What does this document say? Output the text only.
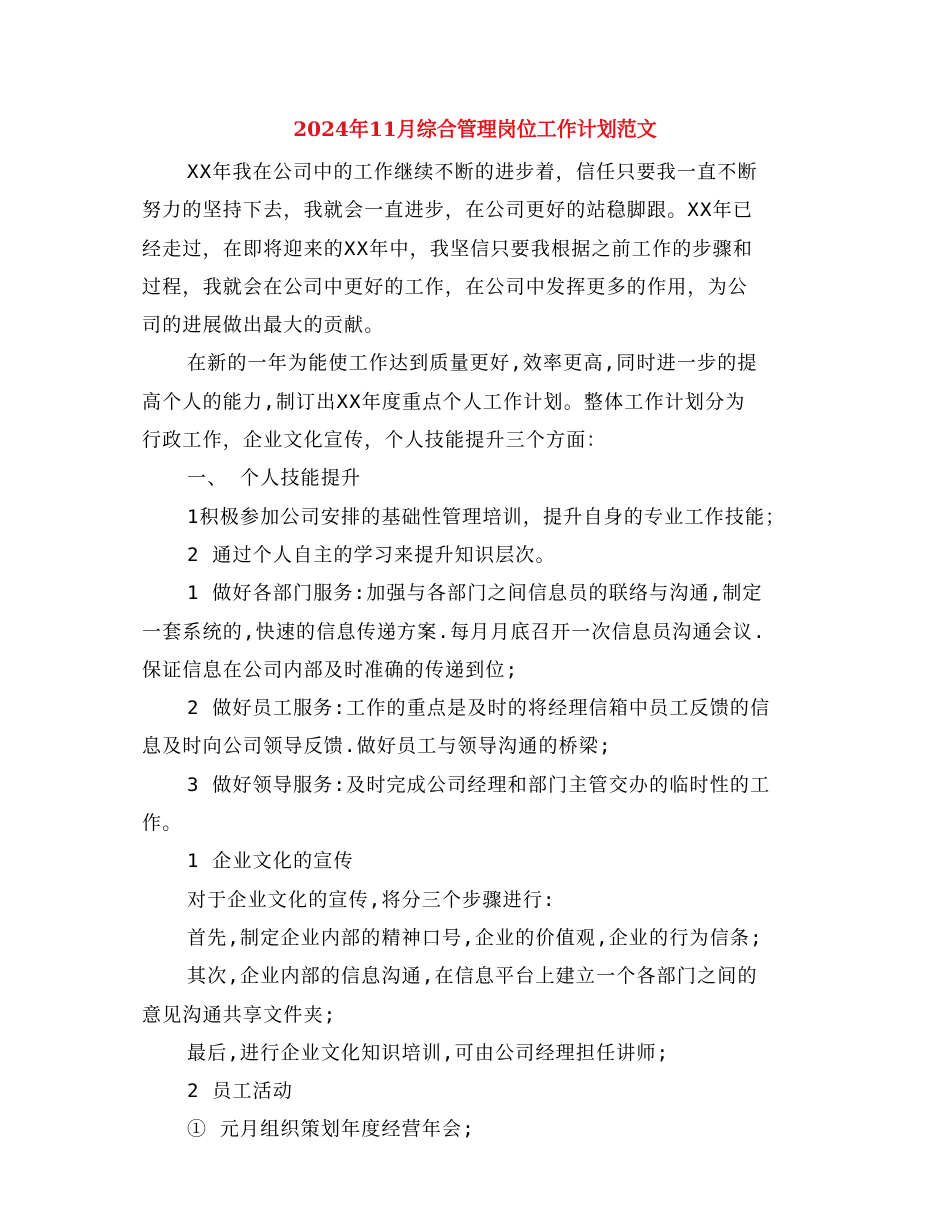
2024年11月综合管理岗位工作计划范文
XX年我在公司中的工作继续不断的进步着，信任只要我一直不断
努力的坚持下去，我就会一直进步，在公司更好的站稳脚跟。XX年已
经走过，在即将迎来的XX年中，我坚信只要我根据之前工作的步骤和
过程，我就会在公司中更好的工作，在公司中发挥更多的作用，为公
司的进展做出最大的贡献。
在新的一年为能使工作达到质量更好,效率更高,同时进一步的提
高个人的能力,制订出XX年度重点个人工作计划。整体工作计划分为
行政工作，企业文化宣传，个人技能提升三个方面：
一、 个人技能提升
1积极参加公司安排的基础性管理培训，提升自身的专业工作技能；
2 通过个人自主的学习来提升知识层次。
1 做好各部门服务:加强与各部门之间信息员的联络与沟通,制定
一套系统的,快速的信息传递方案.每月月底召开一次信息员沟通会议.
保证信息在公司内部及时准确的传递到位;
2 做好员工服务:工作的重点是及时的将经理信箱中员工反馈的信
息及时向公司领导反馈.做好员工与领导沟通的桥梁;
3 做好领导服务:及时完成公司经理和部门主管交办的临时性的工
作。
1 企业文化的宣传
对于企业文化的宣传,将分三个步骤进行:
首先,制定企业内部的精神口号,企业的价值观,企业的行为信条;
其次,企业内部的信息沟通,在信息平台上建立一个各部门之间的
意见沟通共享文件夹;
最后,进行企业文化知识培训,可由公司经理担任讲师;
2 员工活动
① 元月组织策划年度经营年会;
